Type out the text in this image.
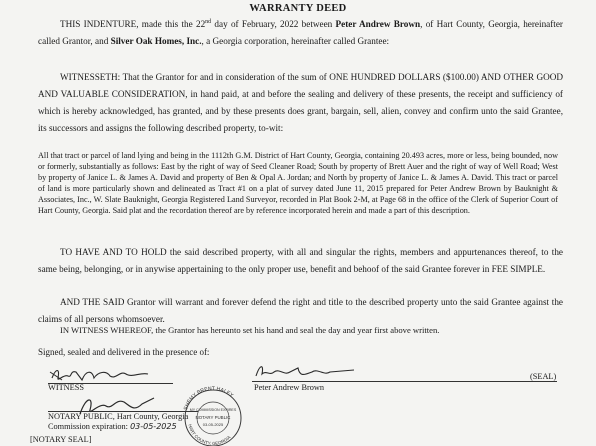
WARRANTY DEED
THIS INDENTURE, made this the 22nd day of February, 2022 between Peter Andrew Brown, of Hart County, Georgia, hereinafter called Grantor, and Silver Oak Homes, Inc., a Georgia corporation, hereinafter called Grantee:
WITNESSETH: That the Grantor for and in consideration of the sum of ONE HUNDRED DOLLARS ($100.00) AND OTHER GOOD AND VALUABLE CONSIDERATION, in hand paid, at and before the sealing and delivery of these presents, the receipt and sufficiency of which is hereby acknowledged, has granted, and by these presents does grant, bargain, sell, alien, convey and confirm unto the said Grantee, its successors and assigns the following described property, to-wit:
All that tract or parcel of land lying and being in the 1112th G.M. District of Hart County, Georgia, containing 20.493 acres, more or less, being bounded, now or formerly, substantially as follows: East by the right of way of Seed Cleaner Road; South by property of Brett Auer and the right of way of Well Road; West by property of Janice L. & James A. David and property of Ben & Opal A. Jordan; and North by property of Janice L. & James A. David. This tract or parcel of land is more particularly shown and delineated as Tract #1 on a plat of survey dated June 11, 2015 prepared for Peter Andrew Brown by Bauknight & Associates, Inc., W. Slate Bauknight, Georgia Registered Land Surveyor, recorded in Plat Book 2-M, at Page 68 in the office of the Clerk of Superior Court of Hart County, Georgia. Said plat and the recordation thereof are by reference incorporated herein and made a part of this description.
TO HAVE AND TO HOLD the said described property, with all and singular the rights, members and appurtenances thereof, to the same being, belonging, or in anywise appertaining to the only proper use, benefit and behoof of the said Grantee forever in FEE SIMPLE.
AND THE SAID Grantor will warrant and forever defend the right and title to the described property unto the said Grantee against the claims of all persons whomsoever.
IN WITNESS WHEREOF, the Grantor has hereunto set his hand and seal the day and year first above written.
Signed, sealed and delivered in the presence of:
WITNESS
(SEAL)
Peter Andrew Brown
NOTARY PUBLIC, Hart County, Georgia
Commission expiration: 03-05-2025
[NOTARY SEAL]
SHEMY BRENT HALEY
HART COUNTY, GEORGIA
MY COMMISSION EXPIRES
NOTARY PUBLIC
03-05-2025
